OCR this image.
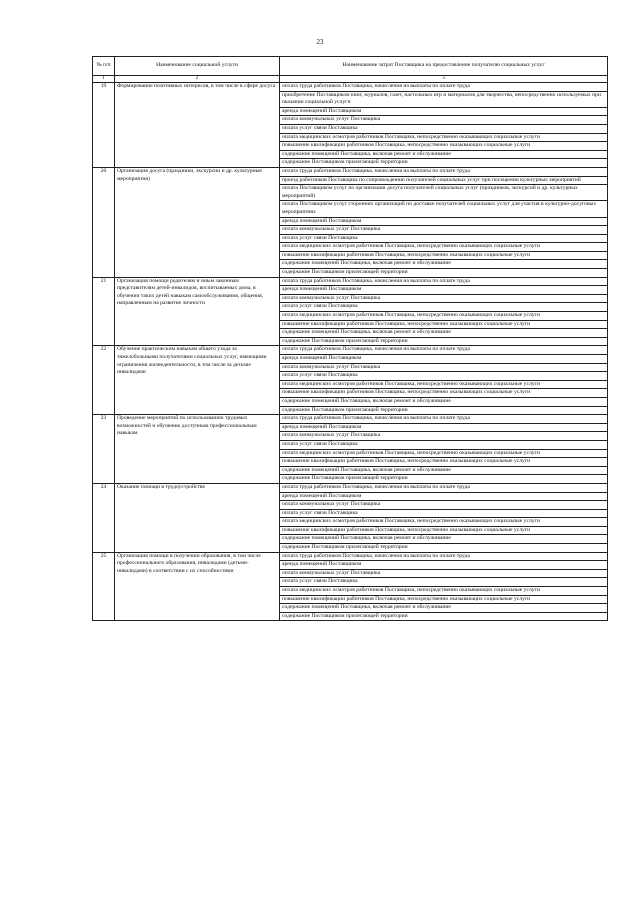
23
№ п/п	Наименование социальной услуги	Наименование затрат Поставщика на предоставление получателю социальных услуг
1	2	3
19	Формирование позитивных интересов, в том числе в сфере досуга	оплата труда работников Поставщика, начисления на выплаты по оплате труда
		приобретение Поставщиком книг, журналов, газет, настольных игр и материалов для творчества, непосредственно используемых при оказании социальной услуги
		аренда помещений Поставщиком
		оплата коммунальных услуг Поставщика
		оплата услуг связи Поставщика
		оплата медицинских осмотров работников Поставщика, непосредственно оказывающих социальные услуги
		повышение квалификации работников Поставщика, непосредственно оказывающих социальные услуги
		содержание помещений Поставщика, включая ремонт и обслуживание
		содержание Поставщиком прилегающей территории
20	Организация досуга (праздники, экскурсии и др. культурные мероприятия)	оплата труда работников Поставщика, начисления на выплаты по оплате труда
		проезд работников Поставщика по сопровождению получателей социальных услуг при посещении культурных мероприятий
		оплата Поставщиком услуг по организации досуга получателей социальных услуг (праздников, экскурсий и др. культурных мероприятий)
		оплата Поставщиком услуг сторонних организаций по доставке получателей социальных услуг для участия в культурно-досуговых мероприятиях
		аренда помещений Поставщиком
		оплата коммунальных услуг Поставщика
		оплата услуг связи Поставщика
		оплата медицинских осмотров работников Поставщика, непосредственно оказывающих социальные услуги
		повышение квалификации работников Поставщика, непосредственно оказывающих социальные услуги
		содержание помещений Поставщика, включая ремонт и обслуживание
		содержание Поставщиком прилегающей территории
21	Организация помощи родителям и иным законным представителям детей-инвалидов, воспитываемых дома, в обучении таких детей навыкам самообслуживания, общения, направленным на развитие личности	оплата труда работников Поставщика, начисления на выплаты по оплате труда
		аренда помещений Поставщиком
		оплата коммунальных услуг Поставщика
		оплата услуг связи Поставщика
		оплата медицинских осмотров работников Поставщика, непосредственно оказывающих социальные услуги
		повышение квалификации работников Поставщика, непосредственно оказывающих социальные услуги
		содержание помещений Поставщика, включая ремонт и обслуживание
		содержание Поставщиком прилегающей территории
22	Обучение практическим навыкам общего ухода за тяжелобольными получателями социальных услуг, имеющими ограничения жизнедеятельности, в том числе за детьми-инвалидами	оплата труда работников Поставщика, начисления на выплаты по оплате труда
		аренда помещений Поставщиком
		оплата коммунальных услуг Поставщика
		оплата услуг связи Поставщика
		оплата медицинских осмотров работников Поставщика, непосредственно оказывающих социальные услуги
		повышение квалификации работников Поставщика, непосредственно оказывающих социальные услуги
		содержание помещений Поставщика, включая ремонт и обслуживание
		содержание Поставщиком прилегающей территории
23	Проведение мероприятий по использованию трудовых возможностей и обучению доступным профессиональным навыкам	оплата труда работников Поставщика, начисления на выплаты по оплате труда
		аренда помещений Поставщиком
		оплата коммунальных услуг Поставщика
		оплата услуг связи Поставщика
		оплата медицинских осмотров работников Поставщика, непосредственно оказывающих социальные услуги
		повышение квалификации работников Поставщика, непосредственно оказывающих социальные услуги
		содержание помещений Поставщика, включая ремонт и обслуживание
		содержание Поставщиком прилегающей территории
24	Оказание помощи в трудоустройстве	оплата труда работников Поставщика, начисления на выплаты по оплате труда
		аренда помещений Поставщиком
		оплата коммунальных услуг Поставщика
		оплата услуг связи Поставщика
		оплата медицинских осмотров работников Поставщика, непосредственно оказывающих социальные услуги
		повышение квалификации работников Поставщика, непосредственно оказывающих социальные услуги
		содержание помещений Поставщика, включая ремонт и обслуживание
		содержание Поставщиком прилегающей территории
25	Организация помощи в получении образования, в том числе профессионального образования, инвалидами (детьми-инвалидами) в соответствии с их способностями	оплата труда работников Поставщика, начисления на выплаты по оплате труда
		аренда помещений Поставщиком
		оплата коммунальных услуг Поставщика
		оплата услуг связи Поставщика
		оплата медицинских осмотров работников Поставщика, непосредственно оказывающих социальные услуги
		повышение квалификации работников Поставщика, непосредственно оказывающих социальные услуги
		содержание помещений Поставщика, включая ремонт и обслуживание
		содержание Поставщиком прилегающей территории
